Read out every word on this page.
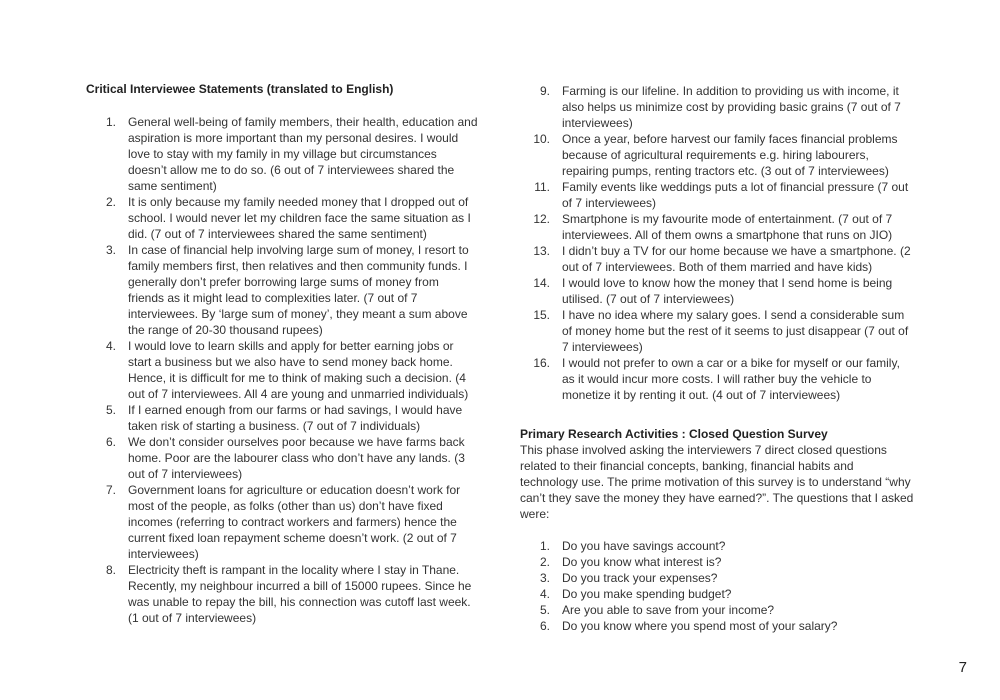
Critical Interviewee Statements (translated to English)

1. General well-being of family members, their health, education and aspiration is more important than my personal desires. I would love to stay with my family in my village but circumstances doesn’t allow me to do so. (6 out of 7 interviewees shared the same sentiment)
2. It is only because my family needed money that I dropped out of school. I would never let my children face the same situation as I did. (7 out of 7 interviewees shared the same sentiment)
3. In case of financial help involving large sum of money, I resort to family members first, then relatives and then community funds. I generally don’t prefer borrowing large sums of money from friends as it might lead to complexities later. (7 out of 7 interviewees. By ‘large sum of money’, they meant a sum above the range of 20-30 thousand rupees)
4. I would love to learn skills and apply for better earning jobs or start a business but we also have to send money back home. Hence, it is difficult for me to think of making such a decision. (4 out of 7 interviewees. All 4 are young and unmarried individuals)
5. If I earned enough from our farms or had savings, I would have taken risk of starting a business. (7 out of 7 individuals)
6. We don’t consider ourselves poor because we have farms back home. Poor are the labourer class who don’t have any lands. (3 out of 7 interviewees)
7. Government loans for agriculture or education doesn’t work for most of the people, as folks (other than us) don’t have fixed incomes (referring to contract workers and farmers) hence the current fixed loan repayment scheme doesn’t work. (2 out of 7 interviewees)
8. Electricity theft is rampant in the locality where I stay in Thane. Recently, my neighbour incurred a bill of 15000 rupees. Since he was unable to repay the bill, his connection was cutoff last week. (1 out of 7 interviewees)
9. Farming is our lifeline. In addition to providing us with income, it also helps us minimize cost by providing basic grains (7 out of 7 interviewees)
10. Once a year, before harvest our family faces financial problems because of agricultural requirements e.g. hiring labourers, repairing pumps, renting tractors etc. (3 out of 7 interviewees)
11. Family events like weddings puts a lot of financial pressure (7 out of 7 interviewees)
12. Smartphone is my favourite mode of entertainment. (7 out of 7 interviewees. All of them owns a smartphone that runs on JIO)
13. I didn’t buy a TV for our home because we have a smartphone. (2 out of 7 interviewees. Both of them married and have kids)
14. I would love to know how the money that I send home is being utilised. (7 out of 7 interviewees)
15. I have no idea where my salary goes. I send a considerable sum of money home but the rest of it seems to just disappear (7 out of 7 interviewees)
16. I would not prefer to own a car or a bike for myself or our family, as it would incur more costs. I will rather buy the vehicle to monetize it by renting it out. (4 out of 7 interviewees)

Primary Research Activities : Closed Question Survey

This phase involved asking the interviewers 7 direct closed questions related to their financial concepts, banking, financial habits and technology use. The prime motivation of this survey is to understand “why can’t they save the money they have earned?”. The questions that I asked were:

1. Do you have savings account?
2. Do you know what interest is?
3. Do you track your expenses?
4. Do you make spending budget?
5. Are you able to save from your income?
6. Do you know where you spend most of your salary?
7
